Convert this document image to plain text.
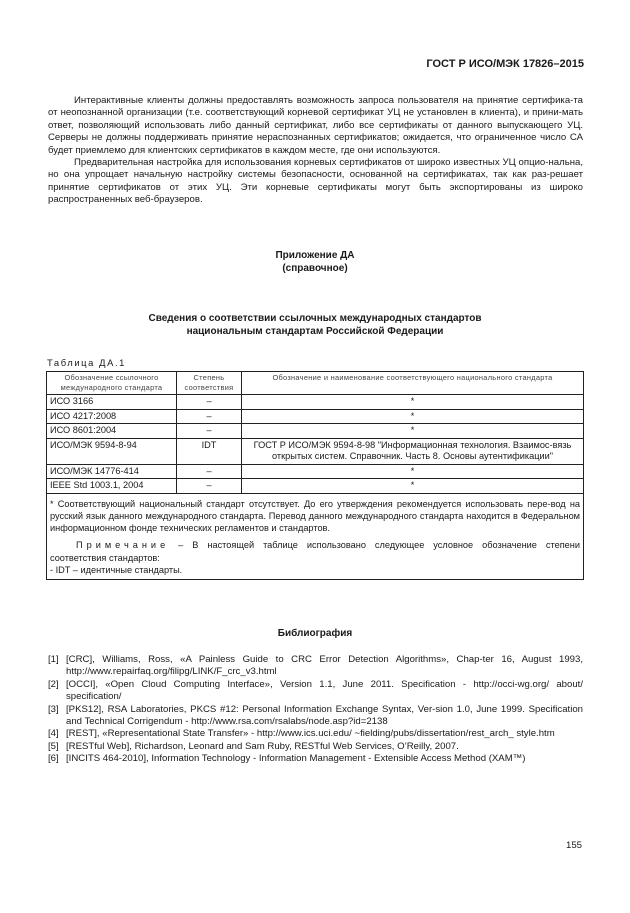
ГОСТ Р ИСО/МЭК 17826–2015

Интерактивные клиенты должны предоставлять возможность запроса пользователя на принятие сертифика-та от неопознанной организации (т.е. соответствующий корневой сертификат УЦ не установлен в клиента), и прини-мать ответ, позволяющий использовать либо данный сертификат, либо все сертификаты от данного выпускающего УЦ. Серверы не должны поддерживать принятие нераспознанных сертификатов; ожидается, что ограниченное число СА будет приемлемо для клиентских сертификатов в каждом месте, где они используются.

Предварительная настройка для использования корневых сертификатов от широко известных УЦ опцио-нальна, но она упрощает начальную настройку системы безопасности, основанной на сертификатах, так как раз-решает принятие сертификатов от этих УЦ. Эти корневые сертификаты могут быть экспортированы из широко распространенных веб-браузеров.

Приложение ДА
(справочное)
Сведения о соответствии ссылочных международных стандартов
национальным стандартам Российской Федерации
Таблица ДА.1
Обозначение ссылочного международного стандарта	Степень соответствия	Обозначение и наименование соответствующего национального стандарта
ИСО 3166	–	*
ИСО 4217:2008	–	*
ИСО 8601:2004	–	*
ИСО/МЭК 9594-8-94	IDT	ГОСТ Р ИСО/МЭК 9594-8-98 "Информационная технология. Взаимос-вязь открытых систем. Справочник. Часть 8. Основы аутентификации"
ИСО/МЭК 14776-414	–	*
IEEE Std 1003.1, 2004	–	*

* Соответствующий национальный стандарт отсутствует. До его утверждения рекомендуется использовать пере-вод на русский язык данного международного стандарта. Перевод данного международного стандарта находится в Федеральном информационном фонде технических регламентов и стандартов.
Примечание – В настоящей таблице использовано следующее условное обозначение степени соответствия стандартов:
- IDT – идентичные стандарты.		
Библиография
[1] [CRC], Williams, Ross, «A Painless Guide to CRC Error Detection Algorithms», Chap-ter 16, August 1993, http://www.repairfaq.org/filipg/LINK/F_crc_v3.html
[2] [OCCI], «Open Cloud Computing Interface», Version 1.1, June 2011. Specification - http://occi-wg.org/ about/ specification/
[3] [PKS12], RSA Laboratories, PKCS #12: Personal Information Exchange Syntax, Ver-sion 1.0, June 1999. Specification and Technical Corrigendum - http://www.rsa.com/rsalabs/node.asp?id=2138
[4] [REST], «Representational State Transfer» - http://www.ics.uci.edu/ ~fielding/pubs/dissertation/rest_arch_ style.htm
[5] [RESTful Web], Richardson, Leonard and Sam Ruby, RESTful Web Services, O’Reilly, 2007.
[6] [INCITS 464-2010], Information Technology - Information Management - Extensible Access Method (XAM™)
155
